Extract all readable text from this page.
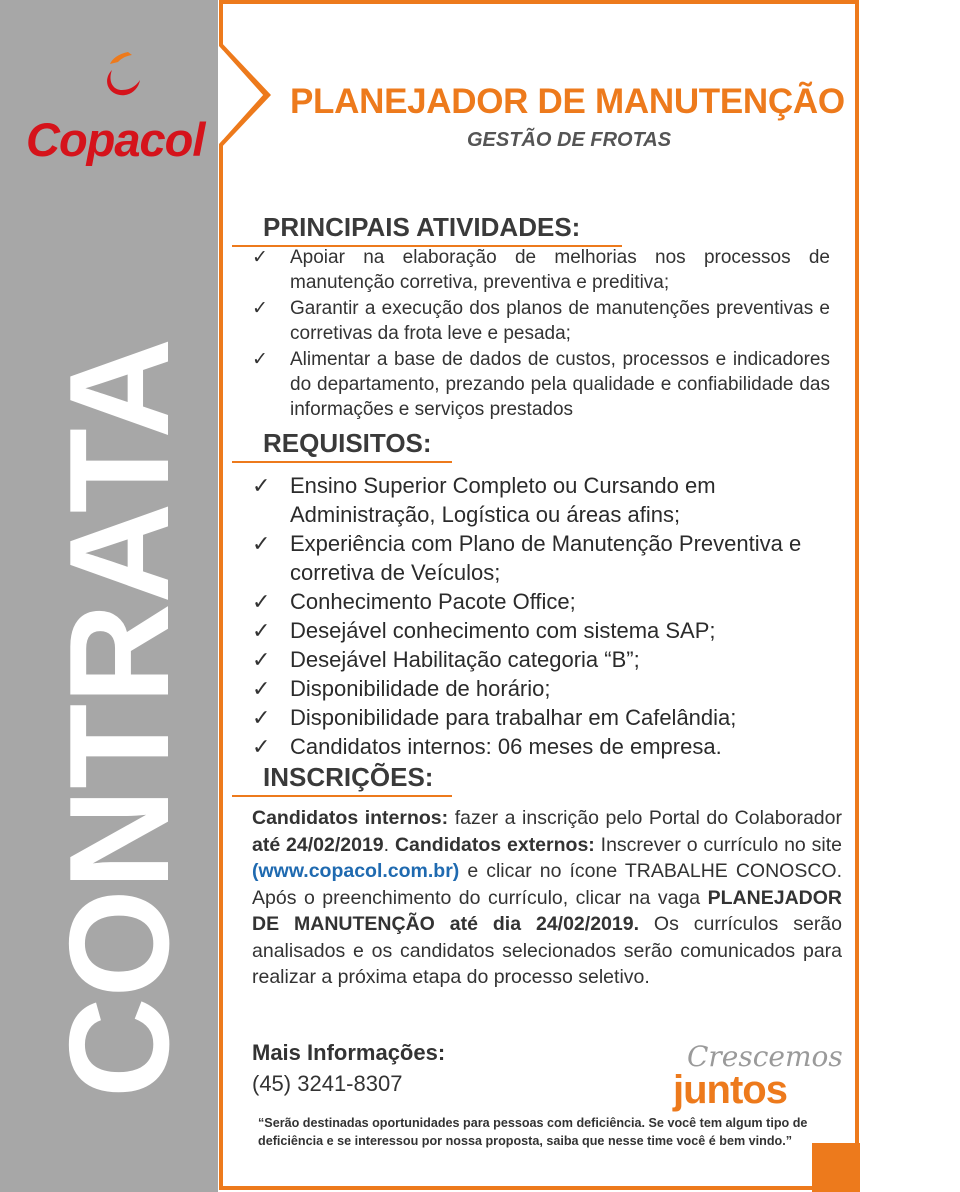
CONTRATA
Copacol
PLANEJADOR DE MANUTENÇÃO
GESTÃO DE FROTAS
PRINCIPAIS ATIVIDADES:
✓ Apoiar na elaboração de melhorias nos processos de manutenção corretiva, preventiva e preditiva;
✓ Garantir a execução dos planos de manutenções preventivas e corretivas da frota leve e pesada;
✓ Alimentar a base de dados de custos, processos e indicadores do departamento, prezando pela qualidade e confiabilidade das informações e serviços prestados
REQUISITOS:
✓ Ensino Superior Completo ou Cursando em Administração, Logística ou áreas afins;
✓ Experiência com Plano de Manutenção Preventiva e corretiva de Veículos;
✓ Conhecimento Pacote Office;
✓ Desejável conhecimento com sistema SAP;
✓ Desejável Habilitação categoria “B”;
✓ Disponibilidade de horário;
✓ Disponibilidade para trabalhar em Cafelândia;
✓ Candidatos internos: 06 meses de empresa.
INSCRIÇÕES:
Candidatos internos: fazer a inscrição pelo Portal do Colaborador até 24/02/2019. Candidatos externos: Inscrever o currículo no site (www.copacol.com.br) e clicar no ícone TRABALHE CONOSCO. Após o preenchimento do currículo, clicar na vaga PLANEJADOR DE MANUTENÇÃO até dia 24/02/2019. Os currículos serão analisados e os candidatos selecionados serão comunicados para realizar a próxima etapa do processo seletivo.
Mais Informações:
(45) 3241-8307
Crescemos
juntos
“Serão destinadas oportunidades para pessoas com deficiência. Se você tem algum tipo de deficiência e se interessou por nossa proposta, saiba que nesse time você é bem vindo.”
